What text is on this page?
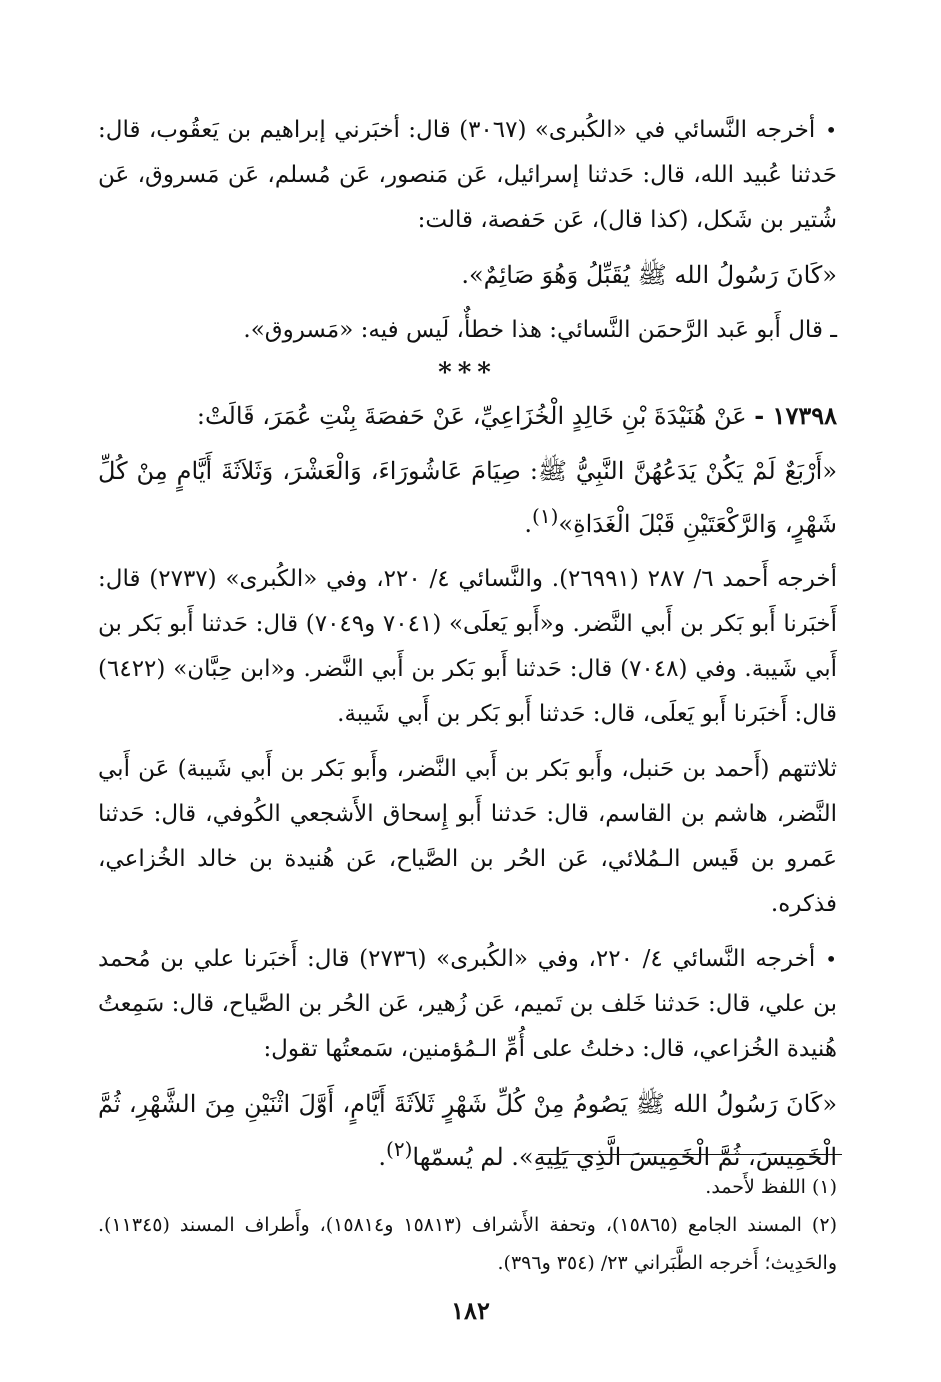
•أخرجه النَّسائي في «الكُبرى» (٣٠٦٧) قال: أخبَرني إبراهيم بن يَعقُوب، قال: حَدثنا عُبيد الله، قال: حَدثنا إسرائيل، عَن مَنصور، عَن مُسلم، عَن مَسروق، عَن شُتير بن شَكل، (كذا قال)، عَن حَفصة، قالت:

«كَانَ رَسُولُ الله ﷺ يُقَبِّلُ وَهُوَ صَائِمٌ».

ـ قال أَبو عَبد الرَّحمَن النَّسائي: هذا خطأٌ، لَيس فيه: «مَسروق».

***

١٧٣٩٨ - عَنْ هُنَيْدَةَ بْنِ خَالِدٍ الْخُزَاعِيِّ، عَنْ حَفصَةَ بِنْتِ عُمَرَ، قَالَتْ:

«أَرْبَعٌ لَمْ يَكُنْ يَدَعُهُنَّ النَّبِيُّ ﷺ: صِيَامَ عَاشُورَاءَ، وَالْعَشْرَ، وَثَلاَثَةَ أَيَّامٍ مِنْ كُلِّ شَهْرٍ، وَالرَّكْعَتَيْنِ قَبْلَ الْغَدَاةِ»$^{(١)}$.

أخرجه أَحمد ٦/ ٢٨٧ (٢٦٩٩١). والنَّسائي ٤/ ٢٢٠، وفي «الكُبرى» (٢٧٣٧) قال: أَخبَرنا أَبو بَكر بن أَبي النَّضر. و«أَبو يَعلَى» (٧٠٤١ و٧٠٤٩) قال: حَدثنا أَبو بَكر بن أَبي شَيبة. وفي (٧٠٤٨) قال: حَدثنا أَبو بَكر بن أَبي النَّضر. و«ابن حِبَّان» (٦٤٢٢) قال: أَخبَرنا أَبو يَعلَى، قال: حَدثنا أَبو بَكر بن أَبي شَيبة.

ثلاثتهم (أَحمد بن حَنبل، وأَبو بَكر بن أَبي النَّضر، وأَبو بَكر بن أَبي شَيبة) عَن أَبي النَّضر، هاشم بن القاسم، قال: حَدثنا أَبو إِسحاق الأَشجعي الكُوفي، قال: حَدثنا عَمرو بن قَيس الـمُلائي، عَن الحُر بن الصَّياح، عَن هُنيدة بن خالد الخُزاعي، فذكره.

•أخرجه النَّسائي ٤/ ٢٢٠، وفي «الكُبرى» (٢٧٣٦) قال: أَخبَرنا علي بن مُحمد بن علي، قال: حَدثنا خَلف بن تَميم، عَن زُهير، عَن الحُر بن الصَّياح، قال: سَمِعتُ هُنيدة الخُزاعي، قال: دخلتُ على أُمِّ الـمُؤمنين، سَمعتُها تقول:

«كَانَ رَسُولُ الله ﷺ يَصُومُ مِنْ كُلِّ شَهْرٍ ثَلاَثَةَ أَيَّامٍ، أَوَّلَ اثْنَيْنِ مِنَ الشَّهْرِ، ثُمَّ الْخَمِيسَ، ثُمَّ الْخَمِيسَ الَّذِي يَلِيهِ». لم يُسمّها$^{(٢)}$.

(١) اللفظ لأَحمد.

(٢) المسند الجامع (١٥٨٦٥)، وتحفة الأَشراف (١٥٨١٣ و١٥٨١٤)، وأَطراف المسند (١١٣٤٥). والحَدِيث؛ أَخرجه الطَّبَراني ٢٣/ (٣٥٤ و٣٩٦).

١٨٢
